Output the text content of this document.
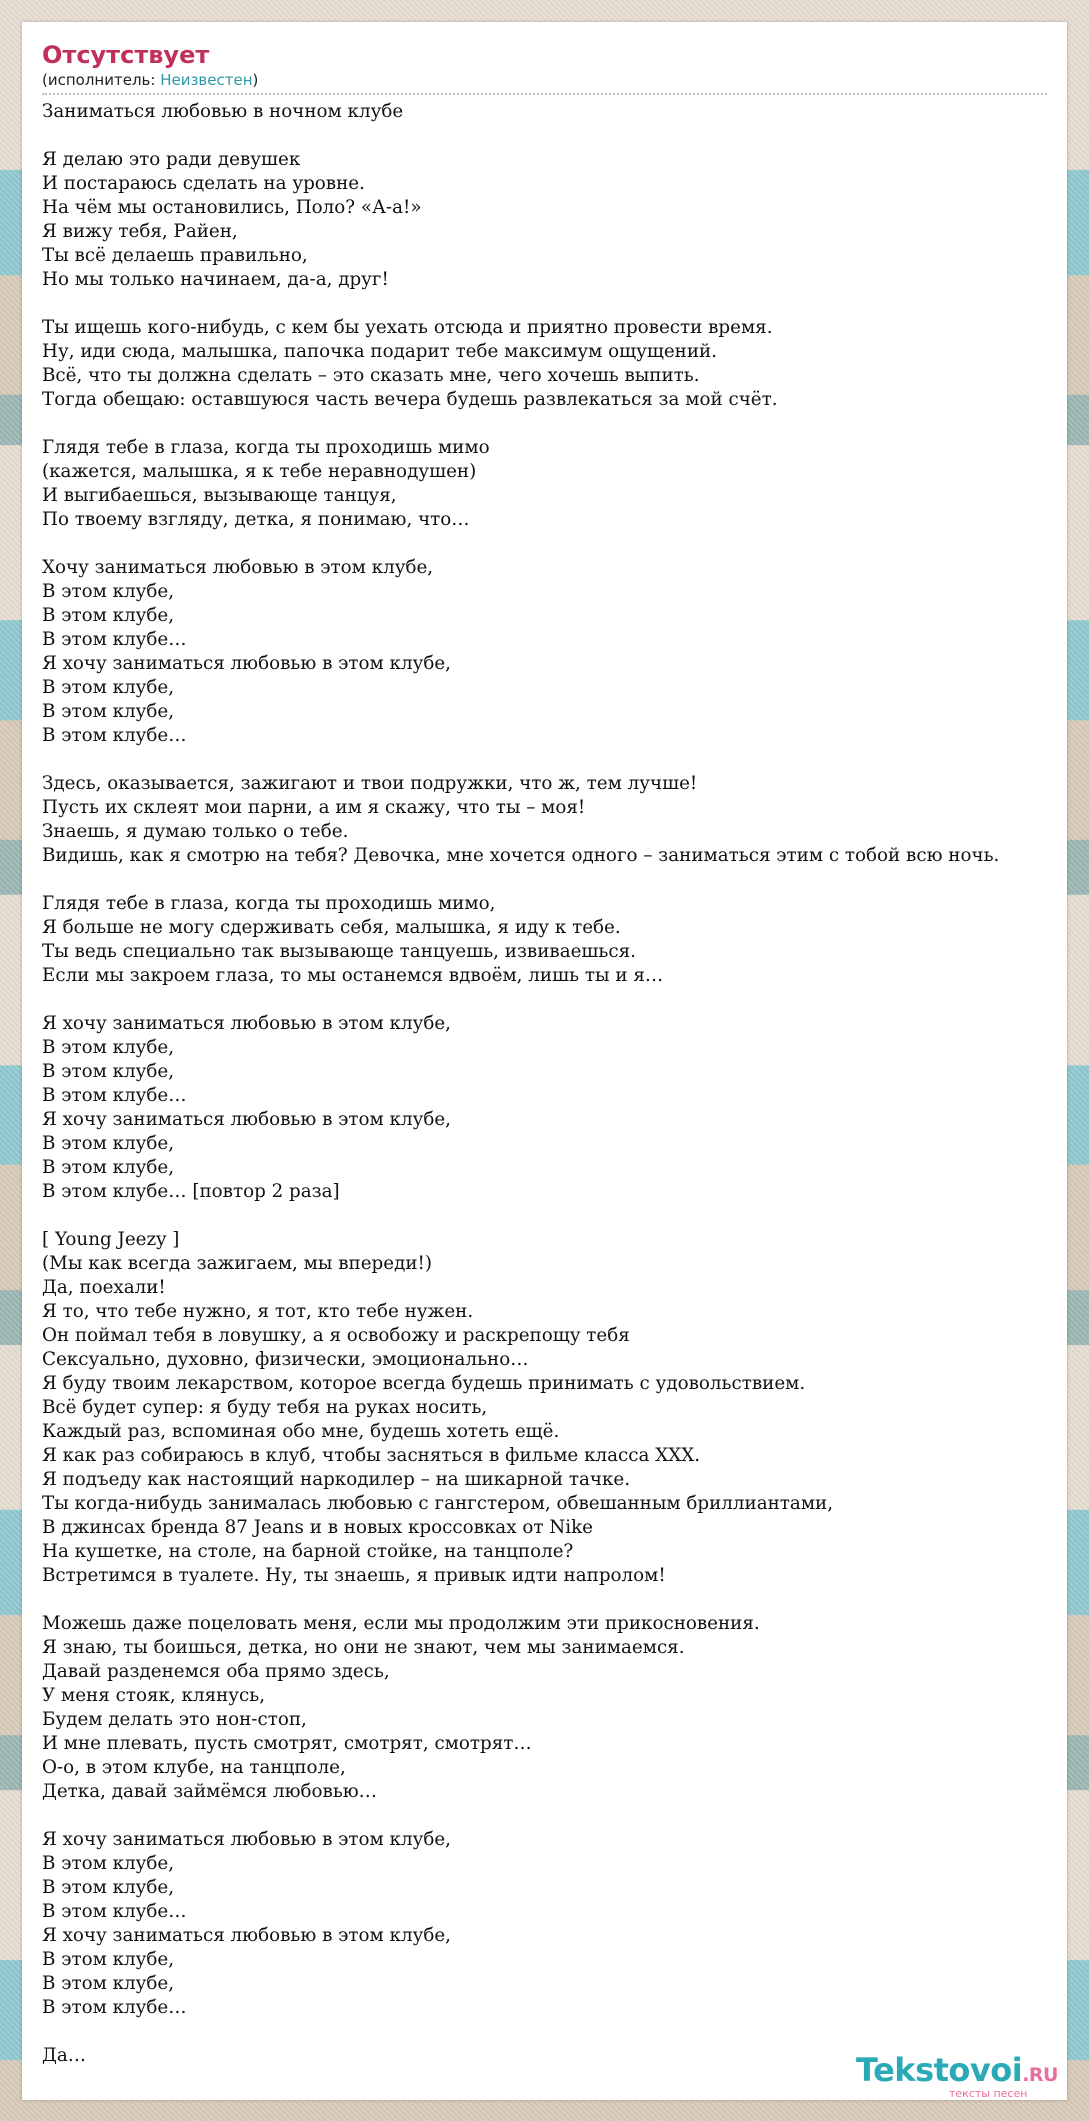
Отсутствует
(исполнитель: Неизвестен)
Заниматься любовью в ночном клубе

Я делаю это ради девушек
И постараюсь сделать на уровне.
На чём мы остановились, Поло? «А-а!»
Я вижу тебя, Райен,
Ты всё делаешь правильно,
Но мы только начинаем, да-а, друг!

Ты ищешь кого-нибудь, с кем бы уехать отсюда и приятно провести время.
Ну, иди сюда, малышка, папочка подарит тебе максимум ощущений.
Всё, что ты должна сделать – это сказать мне, чего хочешь выпить.
Тогда обещаю: оставшуюся часть вечера будешь развлекаться за мой счёт.

Глядя тебе в глаза, когда ты проходишь мимо
(кажется, малышка, я к тебе неравнодушен)
И выгибаешься, вызывающе танцуя,
По твоему взгляду, детка, я понимаю, что…

Хочу заниматься любовью в этом клубе,
В этом клубе,
В этом клубе,
В этом клубе…
Я хочу заниматься любовью в этом клубе,
В этом клубе,
В этом клубе,
В этом клубе…

Здесь, оказывается, зажигают и твои подружки, что ж, тем лучше!
Пусть их склеят мои парни, а им я скажу, что ты – моя!
Знаешь, я думаю только о тебе.
Видишь, как я смотрю на тебя? Девочка, мне хочется одного – заниматься этим с тобой всю ночь.

Глядя тебе в глаза, когда ты проходишь мимо,
Я больше не могу сдерживать себя, малышка, я иду к тебе.
Ты ведь специально так вызывающе танцуешь, извиваешься.
Если мы закроем глаза, то мы останемся вдвоём, лишь ты и я…

Я хочу заниматься любовью в этом клубе,
В этом клубе,
В этом клубе,
В этом клубе…
Я хочу заниматься любовью в этом клубе,
В этом клубе,
В этом клубе,
В этом клубе… [повтор 2 раза]

[ Young Jeezy ]
(Мы как всегда зажигаем, мы впереди!)
Да, поехали!
Я то, что тебе нужно, я тот, кто тебе нужен.
Он поймал тебя в ловушку, а я освобожу и раскрепощу тебя
Сексуально, духовно, физически, эмоционально…
Я буду твоим лекарством, которое всегда будешь принимать с удовольствием.
Всё будет супер: я буду тебя на руках носить,
Каждый раз, вспоминая обо мне, будешь хотеть ещё.
Я как раз собираюсь в клуб, чтобы засняться в фильме класса ХХХ.
Я подъеду как настоящий наркодилер – на шикарной тачке.
Ты когда-нибудь занималась любовью с гангстером, обвешанным бриллиантами,
В джинсах бренда 87 Jeans и в новых кроссовках от Nike
На кушетке, на столе, на барной стойке, на танцполе?
Встретимся в туалете. Ну, ты знаешь, я привык идти напролом!

Можешь даже поцеловать меня, если мы продолжим эти прикосновения.
Я знаю, ты боишься, детка, но они не знают, чем мы занимаемся.
Давай разденемся оба прямо здесь,
У меня стояк, клянусь,
Будем делать это нон-стоп,
И мне плевать, пусть смотрят, смотрят, смотрят…
О-о, в этом клубе, на танцполе,
Детка, давай займёмся любовью…

Я хочу заниматься любовью в этом клубе,
В этом клубе,
В этом клубе,
В этом клубе…
Я хочу заниматься любовью в этом клубе,
В этом клубе,
В этом клубе,
В этом клубе…

Да…	Tekstovoi.RU
тексты песен
